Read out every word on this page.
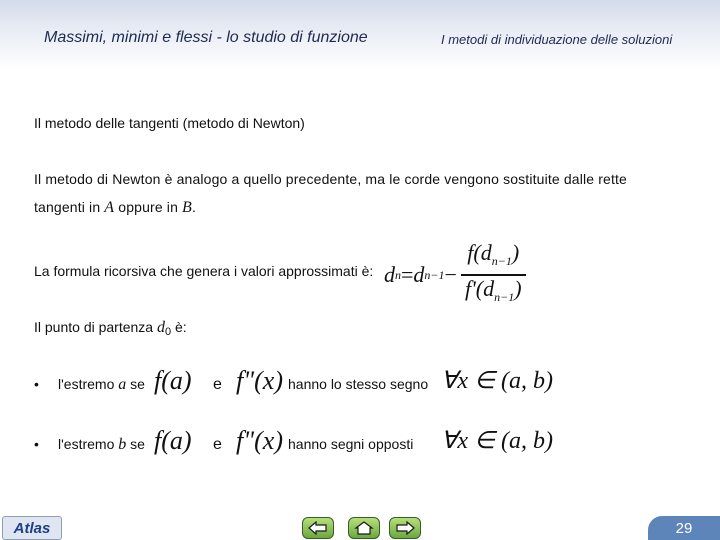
Massimi, minimi e flessi - lo studio di funzione	I metodi di individuazione delle soluzioni
Il metodo delle tangenti (metodo di Newton)
Il metodo di Newton è analogo a quello precedente, ma le corde vengono sostituite dalle rette
tangenti in A oppure in B.
La formula ricorsiva che genera i valori approssimati è: d n = d $n-1 - \frac{f(d_{n-1})}{f'(d_{n-1})}$
Il punto di partenza $d_0$ è:
• l'estremo a se f(a) e f"(x) hanno lo stesso segno ∀x ∈ (a, b)
• l'estremo b se f(a) e f"(x) hanno segni opposti ∀x ∈ (a, b)
Atlas	29
